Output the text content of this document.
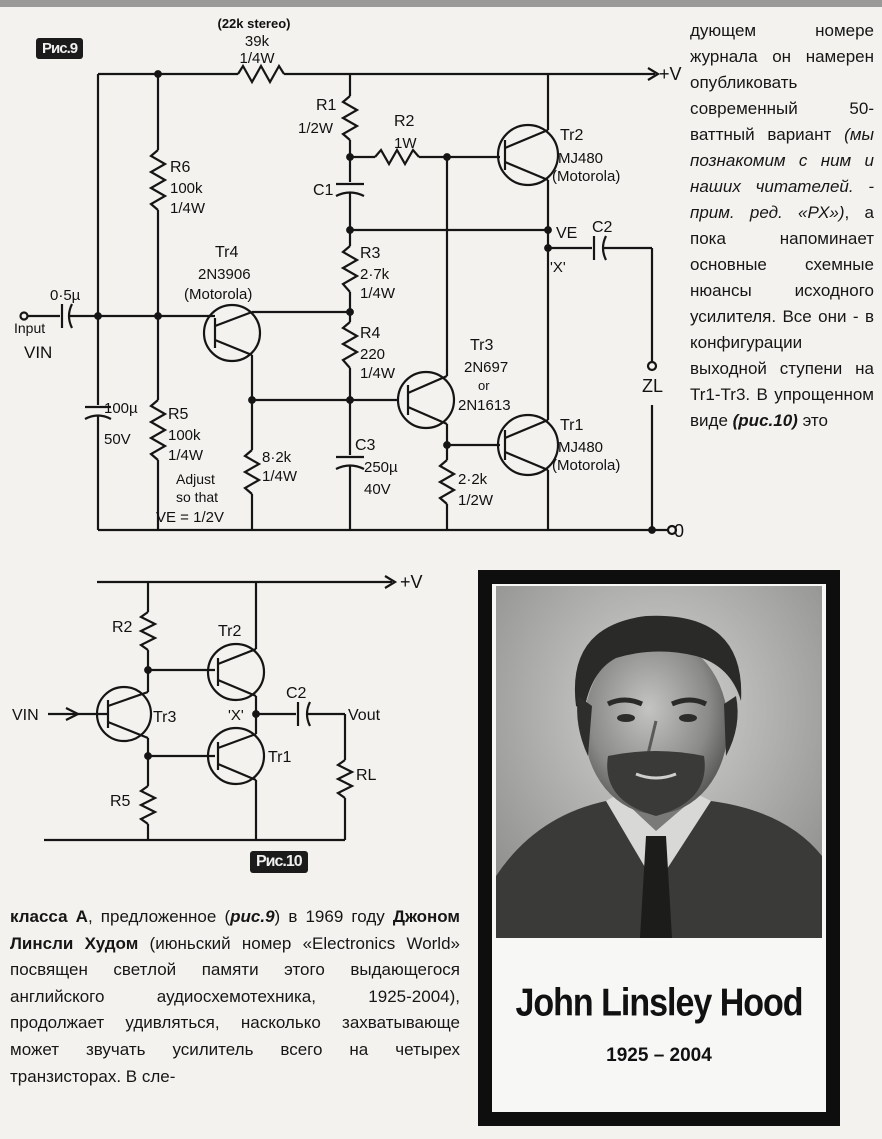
(22k stereo)
39k
1/4W
+V
0
R1
1/2W	R2
1W
C1
R3
2·7k
1/4W
R4
220
1/4W
C3
250µ
40V
R6
100k
1/4W
R5
100k
1/4W
Tr4
2N3906
(Motorola)
Tr3
2N697
or
2N1613
Tr2
MJ480
(Motorola)
Tr1
MJ480
(Motorola)
0·5µ
Input
VIN
100µ
50V
8·2k
1/4W	2·2k
1/2W
Adjust
so that
VE = 1/2V
VE C2
'X'
ZL
+V
R2
R5
Tr2
Tr3
Tr1
VIN	'X'
C2
Vout
RL
Рис.9
Рис.10

дующем номере журнала он намерен опубликовать современный 50-ваттный вариант (мы познакомим с ним и наших читателей. - прим. ред. «РХ»), а пока напоминает основные схемные нюансы исходного усилителя. Все они - в конфигурации выходной ступени на Tr1-Tr3. В упрощенном виде (рис.10) это

класса А, предложенное (рис.9) в 1969 году Джоном Линсли Худом (июньский номер «Electronics World» посвящен светлой памяти этого выдающегося английского аудиосхемотехника, 1925-2004), продолжает удивляться, насколько захватывающе может звучать усилитель всего на четырех транзисторах. В сле-

John Linsley Hood
1925 – 2004
